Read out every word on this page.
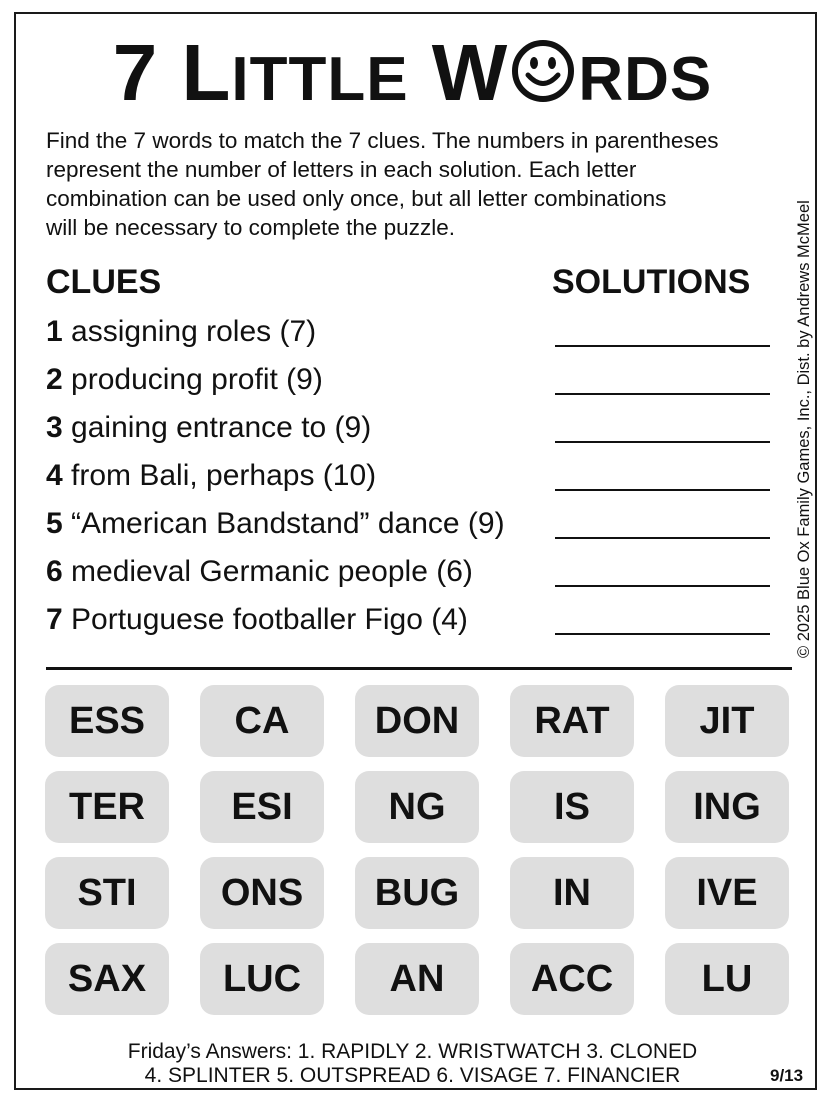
7 LITTLE W RDS
Find the 7 words to match the 7 clues. The numbers in parentheses
represent the number of letters in each solution. Each letter
combination can be used only once, but all letter combinations
will be necessary to complete the puzzle.	© 2025 Blue Ox Family Games, Inc., Dist. by Andrews McMeel
CLUES	SOLUTIONS
1 assigning roles (7)
2 producing profit (9)
3 gaining entrance to (9)
4 from Bali, perhaps (10)
5 “American Bandstand” dance (9)
6 medieval Germanic people (6)
7 Portuguese footballer Figo (4)
ESS	CA	DON	RAT	JIT
TER	ESI	NG	IS	ING
STI	ONS	BUG	IN	IVE
SAX	LUC	AN	ACC	LU
Friday’s Answers: 1. RAPIDLY 2. WRISTWATCH 3. CLONED
4. SPLINTER 5. OUTSPREAD 6. VISAGE 7. FINANCIER	9/13
